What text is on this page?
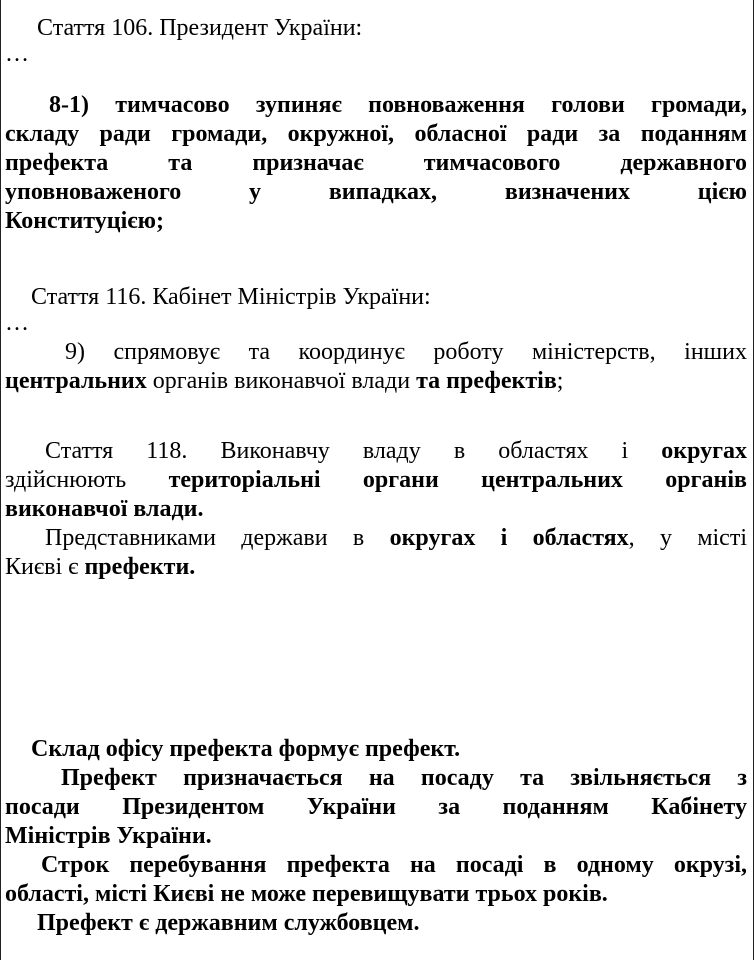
Стаття 106. Президент України:

…

8-1) тимчасово зупиняє повноваження голови громади,

складу ради громади, окружної, обласної ради за поданням

префекта та призначає тимчасового державного

уповноваженого у випадках, визначених цією

Конституцією;

Стаття 116. Кабінет Міністрів України:

…

9) спрямовує та координує роботу міністерств, інших

центральних органів виконавчої влади та префектів;

Стаття 118. Виконавчу владу в областях і округах

здійснюють територіальні органи центральних органів

виконавчої влади.

Представниками держави в округах і областях, у місті

Києві є префекти.

Склад офісу префекта формує префект.

Префект призначається на посаду та звільняється з

посади Президентом України за поданням Кабінету

Міністрів України.

Строк перебування префекта на посаді в одному окрузі,

області, місті Києві не може перевищувати трьох років.

Префект є державним службовцем.
